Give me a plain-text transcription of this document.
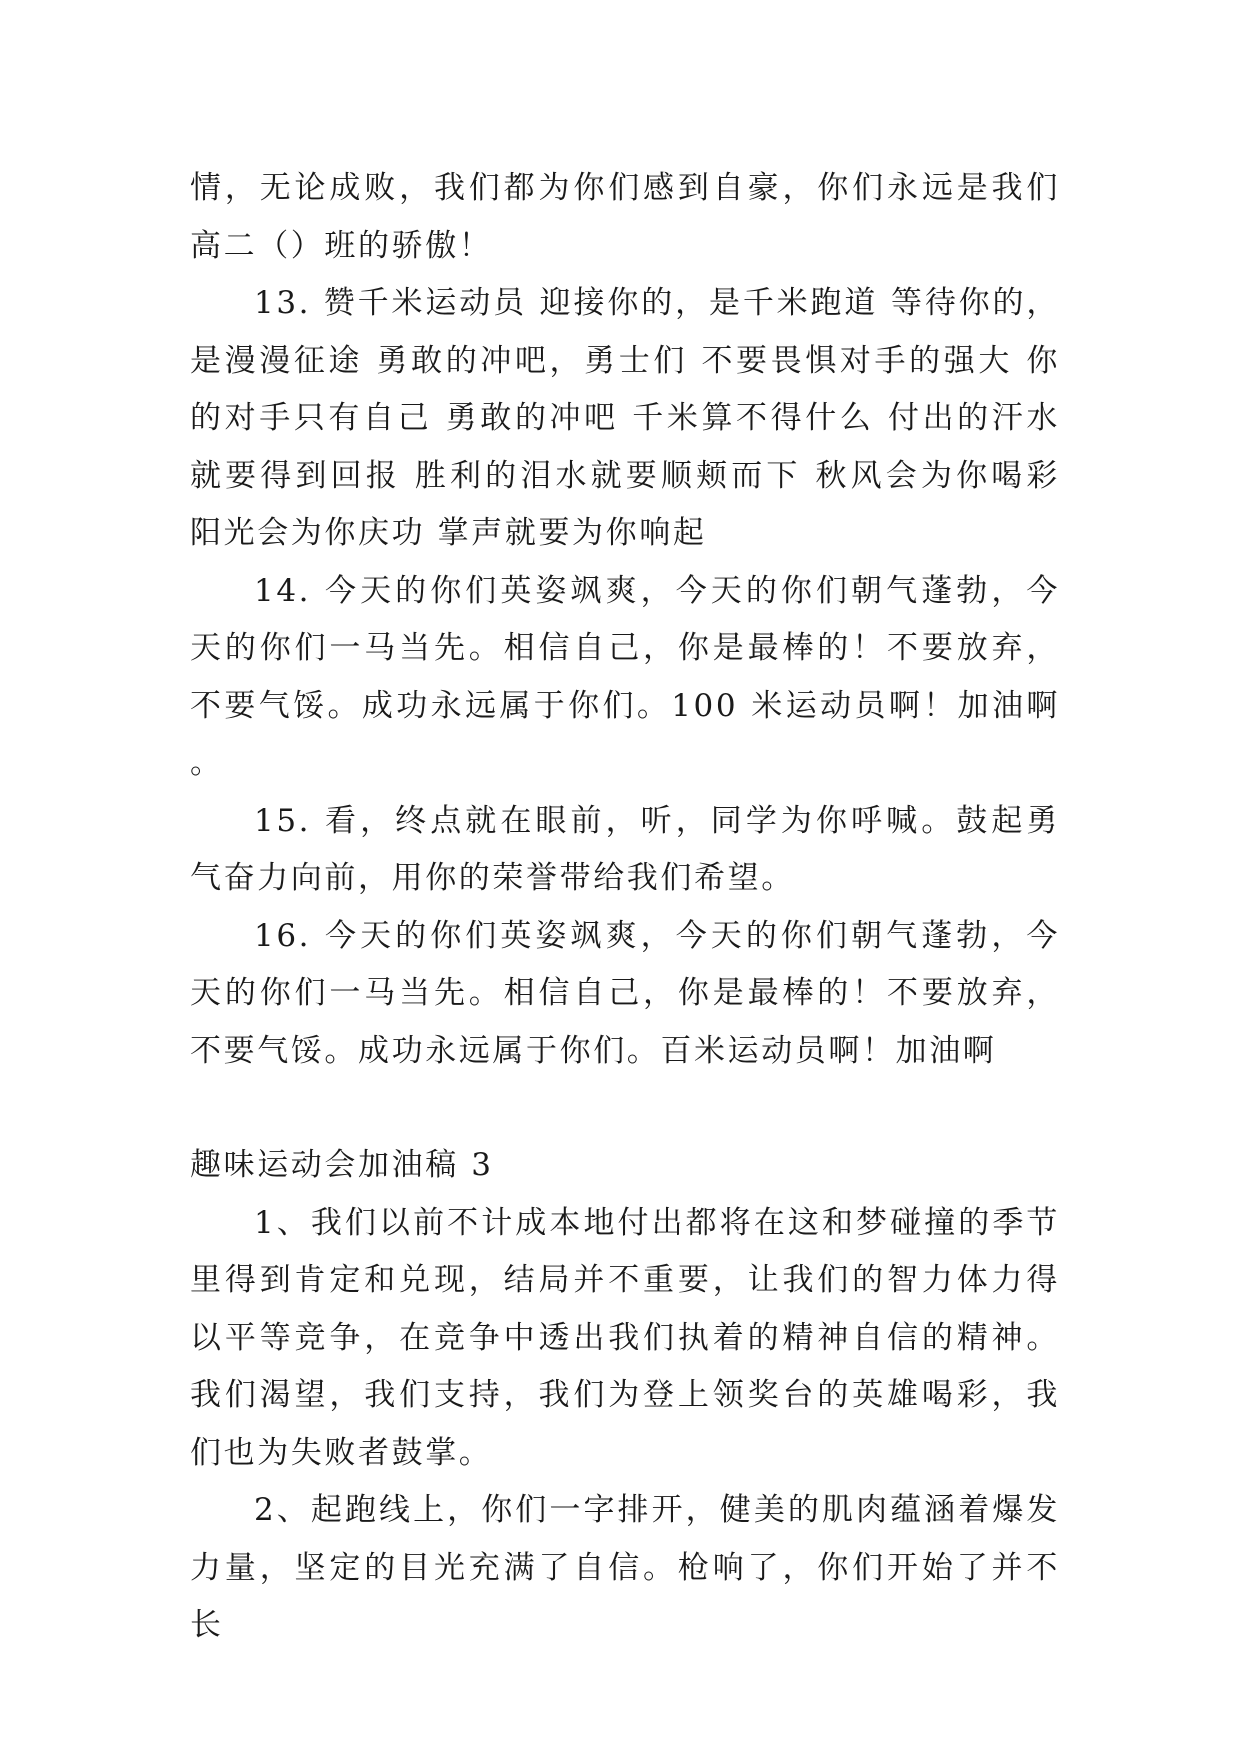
情，无论成败，我们都为你们感到自豪，你们永远是我们高二（）班的骄傲！

13. 赞千米运动员 迎接你的，是千米跑道 等待你的，是漫漫征途 勇敢的冲吧，勇士们 不要畏惧对手的强大 你的对手只有自己 勇敢的冲吧 千米算不得什么 付出的汗水就要得到回报 胜利的泪水就要顺颊而下 秋风会为你喝彩 阳光会为你庆功 掌声就要为你响起

14. 今天的你们英姿飒爽，今天的你们朝气蓬勃，今天的你们一马当先。相信自己，你是最棒的！不要放弃，不要气馁。成功永远属于你们。100 米运动员啊！加油啊。

15. 看，终点就在眼前，听，同学为你呼喊。鼓起勇气奋力向前，用你的荣誉带给我们希望。

16. 今天的你们英姿飒爽，今天的你们朝气蓬勃，今天的你们一马当先。相信自己，你是最棒的！不要放弃，不要气馁。成功永远属于你们。百米运动员啊！加油啊

趣味运动会加油稿 3

1、我们以前不计成本地付出都将在这和梦碰撞的季节里得到肯定和兑现，结局并不重要，让我们的智力体力得以平等竞争，在竞争中透出我们执着的精神自信的精神。我们渴望，我们支持，我们为登上领奖台的英雄喝彩，我们也为失败者鼓掌。

2、起跑线上，你们一字排开，健美的肌肉蕴涵着爆发力量，坚定的目光充满了自信。枪响了，你们开始了并不长
